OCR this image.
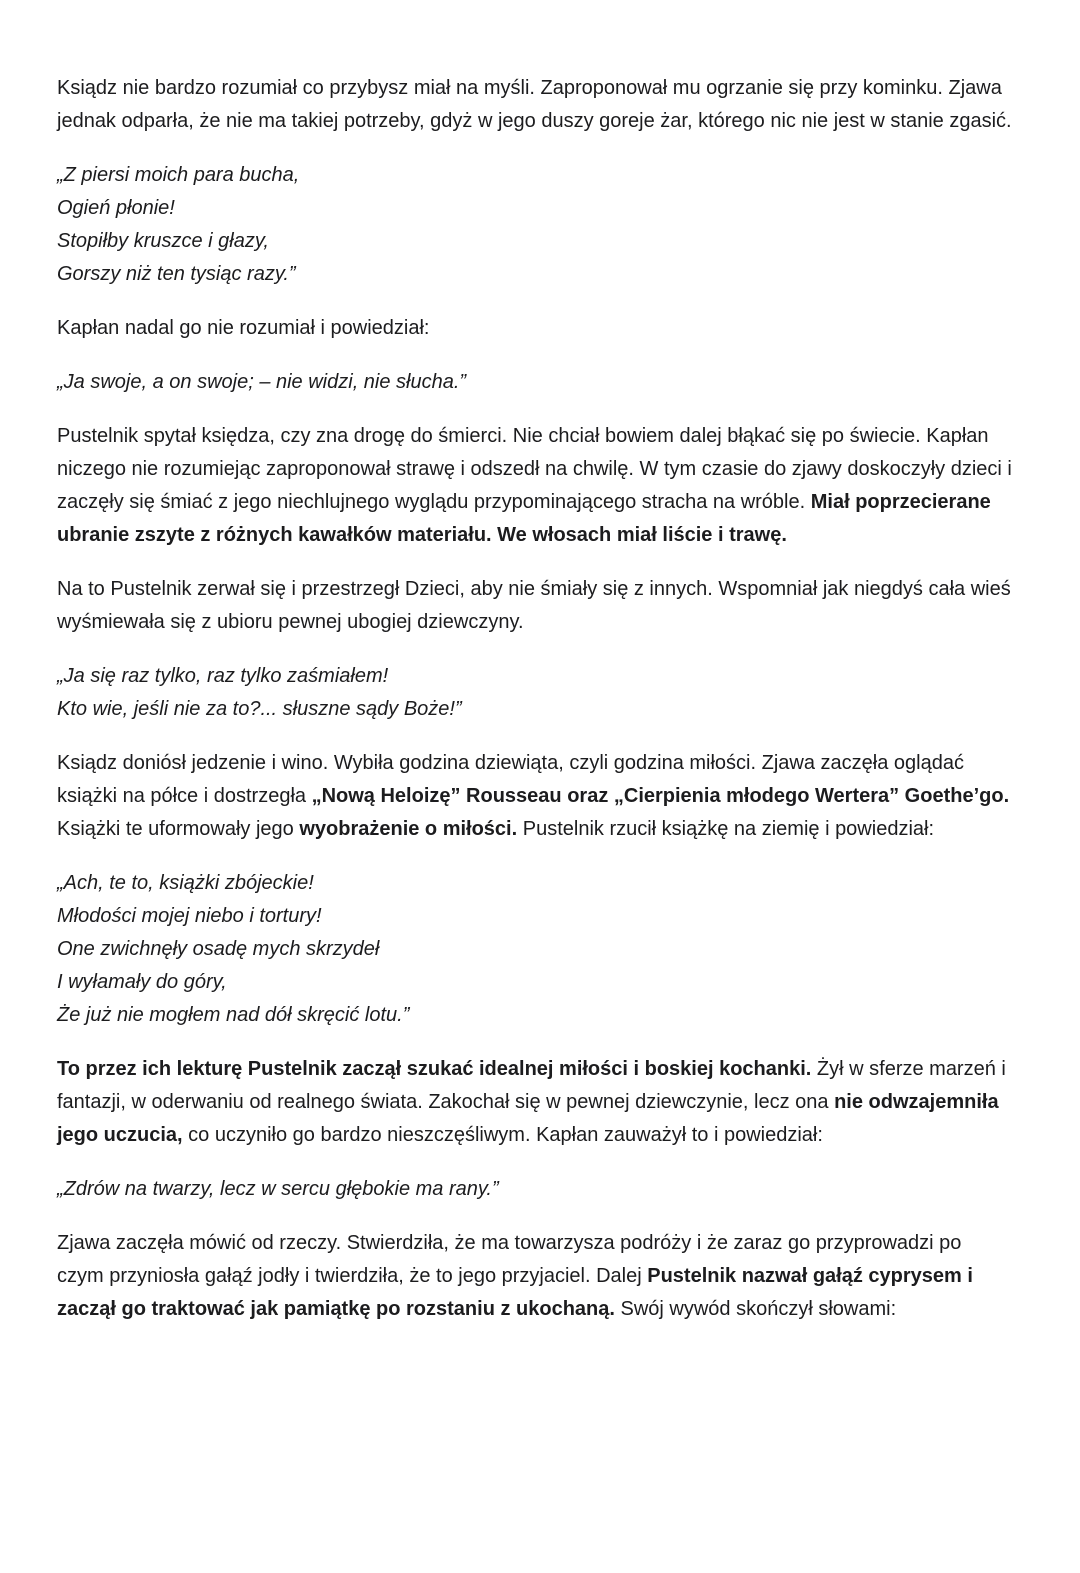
Ksiądz nie bardzo rozumiał co przybysz miał na myśli. Zaproponował mu ogrzanie się przy kominku. Zjawa jednak odparła, że nie ma takiej potrzeby, gdyż w jego duszy goreje żar, którego nic nie jest w stanie zgasić.

„Z piersi moich para bucha,
Ogień płonie!
Stopiłby kruszce i głazy,
Gorszy niż ten tysiąc razy.”

Kapłan nadal go nie rozumiał i powiedział:

„Ja swoje, a on swoje; – nie widzi, nie słucha.”

Pustelnik spytał księdza, czy zna drogę do śmierci. Nie chciał bowiem dalej błąkać się po świecie. Kapłan niczego nie rozumiejąc zaproponował strawę i odszedł na chwilę. W tym czasie do zjawy doskoczyły dzieci i zaczęły się śmiać z jego niechlujnego wyglądu przypominającego stracha na wróble. Miał poprzecierane ubranie zszyte z różnych kawałków materiału. We włosach miał liście i trawę.

Na to Pustelnik zerwał się i przestrzegł Dzieci, aby nie śmiały się z innych. Wspomniał jak niegdyś cała wieś wyśmiewała się z ubioru pewnej ubogiej dziewczyny.

„Ja się raz tylko, raz tylko zaśmiałem!
Kto wie, jeśli nie za to?... słuszne sądy Boże!”

Ksiądz doniósł jedzenie i wino. Wybiła godzina dziewiąta, czyli godzina miłości. Zjawa zaczęła oglądać książki na półce i dostrzegła „Nową Heloizę” Rousseau oraz „Cierpienia młodego Wertera” Goethe’go. Książki te uformowały jego wyobrażenie o miłości. Pustelnik rzucił książkę na ziemię i powiedział:

„Ach, te to, książki zbójeckie!
Młodości mojej niebo i tortury!
One zwichnęły osadę mych skrzydeł
I wyłamały do góry,
Że już nie mogłem nad dół skręcić lotu.”

To przez ich lekturę Pustelnik zaczął szukać idealnej miłości i boskiej kochanki. Żył w sferze marzeń i fantazji, w oderwaniu od realnego świata. Zakochał się w pewnej dziewczynie, lecz ona nie odwzajemniła jego uczucia, co uczyniło go bardzo nieszczęśliwym. Kapłan zauważył to i powiedział:

„Zdrów na twarzy, lecz w sercu głębokie ma rany.”

Zjawa zaczęła mówić od rzeczy. Stwierdziła, że ma towarzysza podróży i że zaraz go przyprowadzi po czym przyniosła gałąź jodły i twierdziła, że to jego przyjaciel. Dalej Pustelnik nazwał gałąź cyprysem i zaczął go traktować jak pamiątkę po rozstaniu z ukochaną. Swój wywód skończył słowami:
